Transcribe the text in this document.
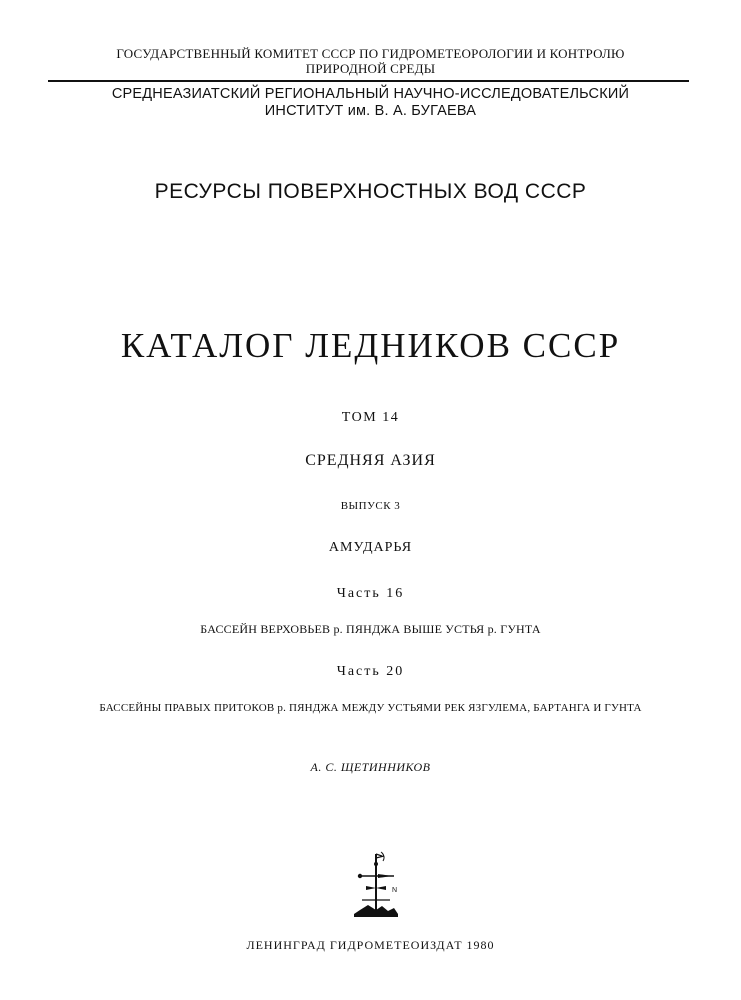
ГОСУДАРСТВЕННЫЙ КОМИТЕТ СССР ПО ГИДРОМЕТЕОРОЛОГИИ И КОНТРОЛЮ
ПРИРОДНОЙ СРЕДЫ
СРЕДНЕАЗИАТСКИЙ РЕГИОНАЛЬНЫЙ НАУЧНО-ИССЛЕДОВАТЕЛЬСКИЙ
ИНСТИТУТ им. В. А. БУГАЕВА
РЕСУРСЫ ПОВЕРХНОСТНЫХ ВОД СССР
КАТАЛОГ ЛЕДНИКОВ СССР
ТОМ 14
СРЕДНЯЯ АЗИЯ
ВЫПУСК 3
АМУДАРЬЯ
Часть 16
БАССЕЙН ВЕРХОВЬЕВ р. ПЯНДЖА ВЫШЕ УСТЬЯ р. ГУНТА
Часть 20
БАССЕЙНЫ ПРАВЫХ ПРИТОКОВ р. ПЯНДЖА МЕЖДУ УСТЬЯМИ РЕК ЯЗГУЛЕМА, БАРТАНГА И ГУНТА
А. С. ЩЕТИННИКОВ
N
ЛЕНИНГРАД ГИДРОМЕТЕОИЗДАТ 1980
